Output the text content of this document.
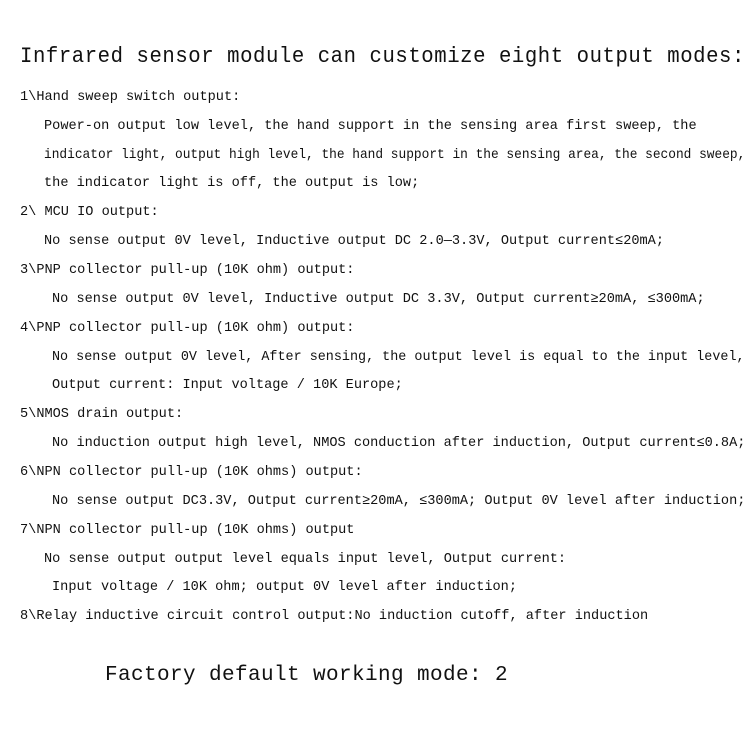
Infrared sensor module can customize eight output modes:
1\Hand sweep switch output:
Power-on output low level, the hand support in the sensing area first sweep, the
indicator light, output high level, the hand support in the sensing area, the second sweep,
the indicator light is off, the output is low;
2\ MCU IO output:
No sense output 0V level, Inductive output DC 2.0—3.3V, Output current≤20mA;
3\PNP collector pull-up (10K ohm) output:
No sense output 0V level, Inductive output DC 3.3V, Output current≥20mA, ≤300mA;
4\PNP collector pull-up (10K ohm) output:
No sense output 0V level, After sensing, the output level is equal to the input level,
Output current: Input voltage / 10K Europe;
5\NMOS drain output:
No induction output high level, NMOS conduction after induction, Output current≤0.8A;
6\NPN collector pull-up (10K ohms) output:
No sense output DC3.3V, Output current≥20mA, ≤300mA; Output 0V level after induction;
7\NPN collector pull-up (10K ohms) output
No sense output output level equals input level, Output current:
Input voltage / 10K ohm; output 0V level after induction;
8\Relay inductive circuit control output:No induction cutoff, after induction
Factory default working mode: 2
